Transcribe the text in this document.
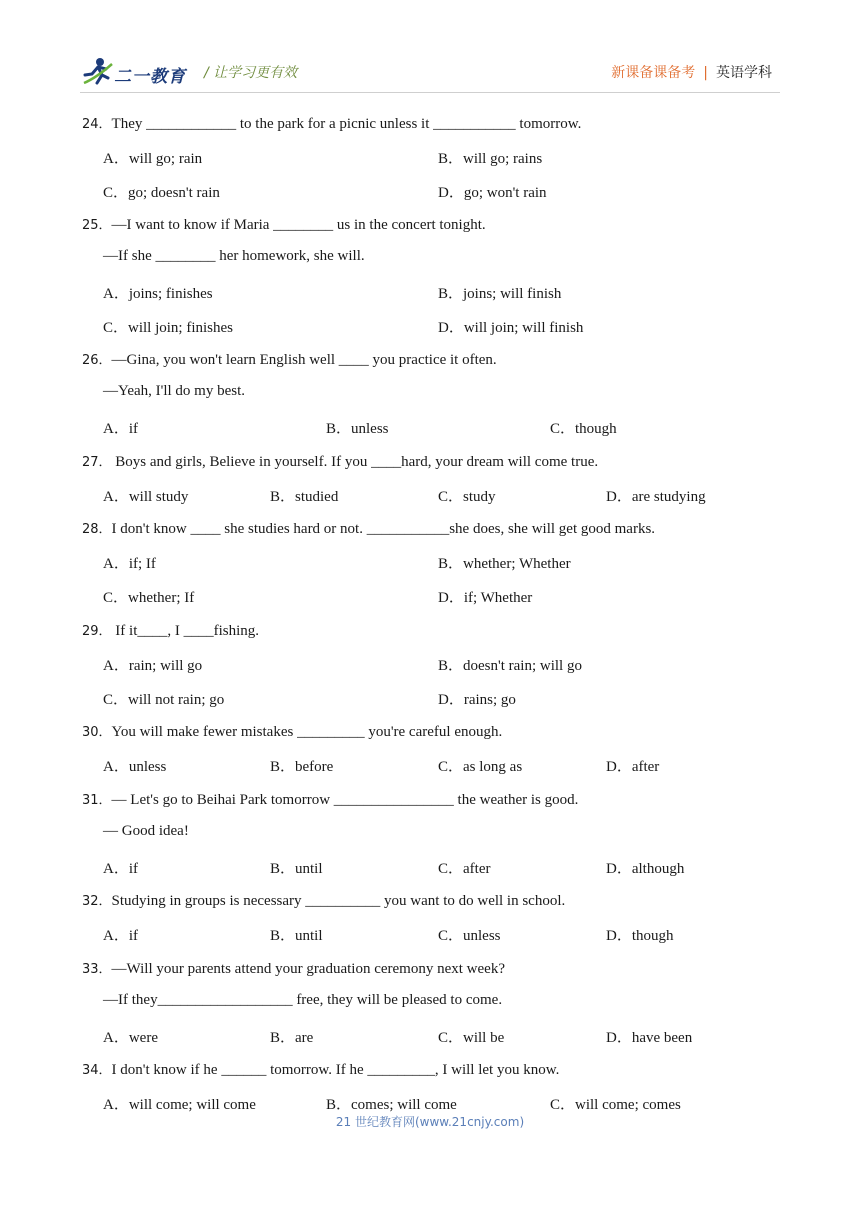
二一教育 / 让学习更有效	新课备课备考 | 英语学科
24．They ____________ to the park for a picnic unless it ___________ tomorrow.
A．will go; rain	B．will go; rains
C．go; doesn't rain	D．go; won't rain
25．—I want to know if Maria ________ us in the concert tonight.
—If she ________ her homework, she will.
A．joins; finishes	B．joins; will finish
C．will join; finishes	D．will join; will finish
26．—Gina, you won't learn English well ____ you practice it often.
—Yeah, I'll do my best.
A．if	B．unless	C．though
27． Boys and girls, Believe in yourself. If you ____hard, your dream will come true.
A．will study	B．studied	C．study	D．are studying
28．I don't know ____ she studies hard or not. ___________she does, she will get good marks.
A．if; If	B．whether; Whether
C．whether; If	D．if; Whether
29． If it____, I ____fishing.
A．rain; will go	B．doesn't rain; will go
C．will not rain; go	D．rains; go
30．You will make fewer mistakes _________ you're careful enough.
A．unless	B．before	C．as long as	D．after
31．— Let's go to Beihai Park tomorrow ________________ the weather is good.
— Good idea!
A．if	B．until	C．after	D．although
32．Studying in groups is necessary __________ you want to do well in school.
A．if	B．until	C．unless	D．though
33．—Will your parents attend your graduation ceremony next week?
—If they__________________ free, they will be pleased to come.
A．were	B．are	C．will be	D．have been
34．I don't know if he ______ tomorrow. If he _________, I will let you know.
A．will come; will come	B．comes; will come	C．will come; comes
21 世纪教育网(www.21cnjy.com)
